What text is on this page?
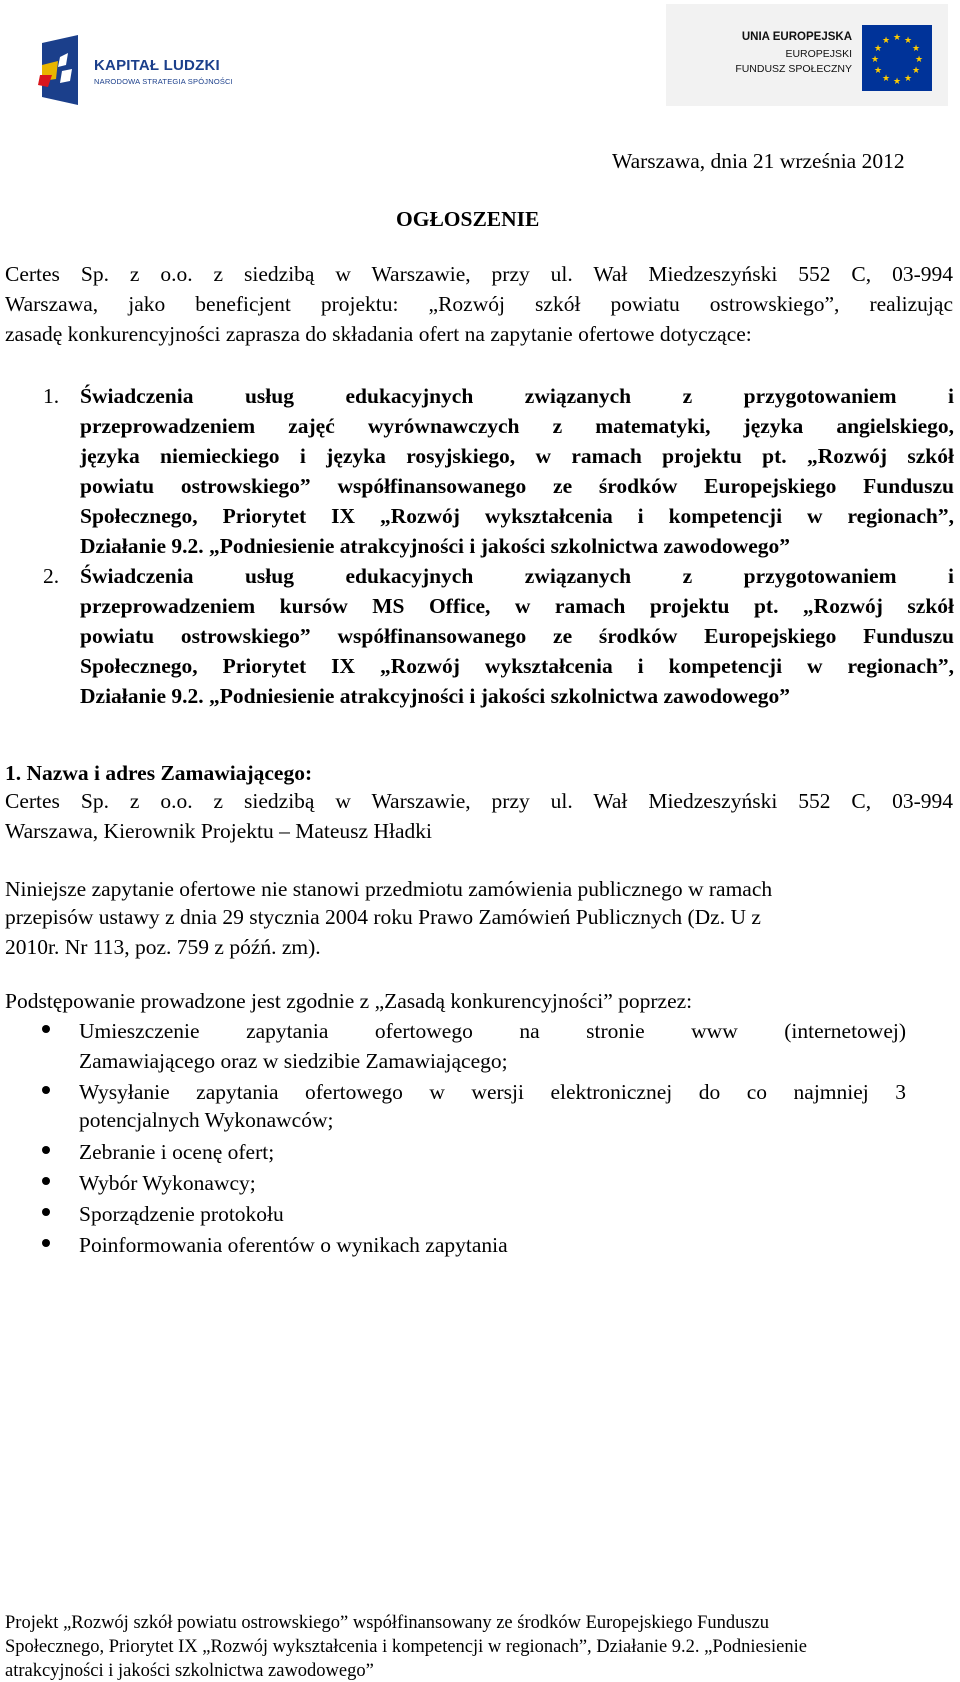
KAPITAŁ LUDZKI
NARODOWA STRATEGIA SPÓJNOŚCI
UNIA EUROPEJSKA
EUROPEJSKI
FUNDUSZ SPOŁECZNY
★ ★
★
★
★
★
★
★
★
★
★
★
Warszawa, dnia 21 września 2012
OGŁOSZENIE
Certes Sp. z o.o. z siedzibą w Warszawie, przy ul. Wał Miedzeszyński 552 C, 03-994
Warszawa, jako beneficjent projektu: „Rozwój szkół powiatu ostrowskiego”, realizując
zasadę konkurencyjności zaprasza do składania ofert na zapytanie ofertowe dotyczące:
1. Świadczenia usług edukacyjnych związanych z przygotowaniem i
przeprowadzeniem zajęć wyrównawczych z matematyki, języka angielskiego,
języka niemieckiego i języka rosyjskiego, w ramach projektu pt. „Rozwój szkół
powiatu ostrowskiego” współfinansowanego ze środków Europejskiego Funduszu
Społecznego, Priorytet IX „Rozwój wykształcenia i kompetencji w regionach”,
Działanie 9.2. „Podniesienie atrakcyjności i jakości szkolnictwa zawodowego”
2. Świadczenia usług edukacyjnych związanych z przygotowaniem i
przeprowadzeniem kursów MS Office, w ramach projektu pt. „Rozwój szkół
powiatu ostrowskiego” współfinansowanego ze środków Europejskiego Funduszu
Społecznego, Priorytet IX „Rozwój wykształcenia i kompetencji w regionach”,
Działanie 9.2. „Podniesienie atrakcyjności i jakości szkolnictwa zawodowego”
1. Nazwa i adres Zamawiającego:
Certes Sp. z o.o. z siedzibą w Warszawie, przy ul. Wał Miedzeszyński 552 C, 03-994
Warszawa, Kierownik Projektu – Mateusz Hładki
Niniejsze zapytanie ofertowe nie stanowi przedmiotu zamówienia publicznego w ramach
przepisów ustawy z dnia 29 stycznia 2004 roku Prawo Zamówień Publicznych (Dz. U z
2010r. Nr 113, poz. 759 z późń. zm).
Podstępowanie prowadzone jest zgodnie z „Zasadą konkurencyjności” poprzez:
Umieszczenie zapytania ofertowego na stronie www (internetowej)
Zamawiającego oraz w siedzibie Zamawiającego;
Wysyłanie zapytania ofertowego w wersji elektronicznej do co najmniej 3
potencjalnych Wykonawców;
Zebranie i ocenę ofert;
Wybór Wykonawcy;
Sporządzenie protokołu
Poinformowania oferentów o wynikach zapytania
Projekt „Rozwój szkół powiatu ostrowskiego” współfinansowany ze środków Europejskiego Funduszu
Społecznego, Priorytet IX „Rozwój wykształcenia i kompetencji w regionach”, Działanie 9.2. „Podniesienie
atrakcyjności i jakości szkolnictwa zawodowego”
